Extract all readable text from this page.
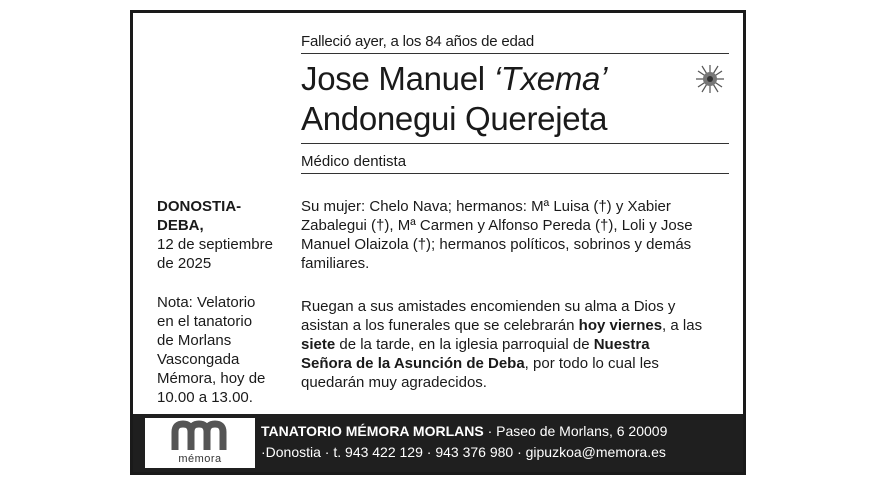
Falleció ayer, a los 84 años de edad
Jose Manuel ‘Txema’
Andonegui Querejeta
Médico dentista
DONOSTIA-
DEBA,
12 de septiembre
de 2025
Nota: Velatorio
en el tanatorio
de Morlans
Vascongada
Mémora, hoy de
10.00 a 13.00.
Su mujer: Chelo Nava; hermanos: Mª Luisa (†) y Xabier
Zabalegui (†), Mª Carmen y Alfonso Pereda (†), Loli y Jose
Manuel Olaizola (†); hermanos políticos, sobrinos y demás
familiares.
Ruegan a sus amistades encomienden su alma a Dios y
asistan a los funerales que se celebrarán hoy viernes, a las
siete de la tarde, en la iglesia parroquial de Nuestra
Señora de la Asunción de Deba, por todo lo cual les
quedarán muy agradecidos.
mémora
TANATORIO MÉMORA MORLANS · Paseo de Morlans, 6 20009
·Donostia · t. 943 422 129 · 943 376 980 · gipuzkoa@memora.es
